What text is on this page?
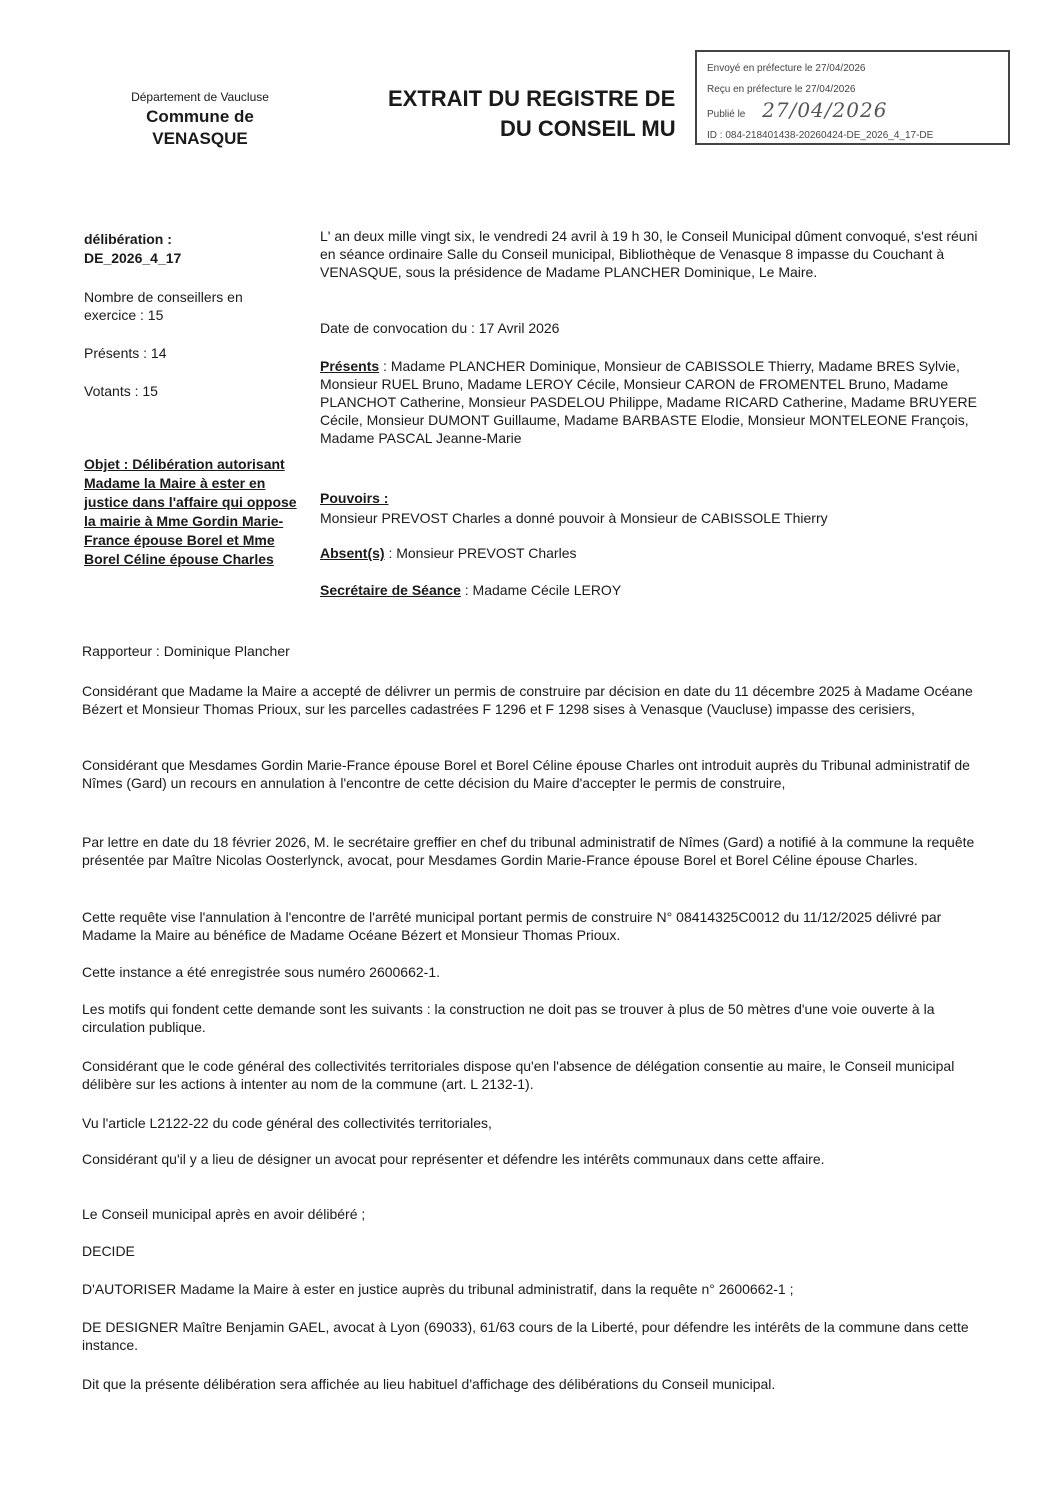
Département de Vaucluse
Commune de
VENASQUE
EXTRAIT DU REGISTRE DE
DU CONSEIL MU
Envoyé en préfecture le 27/04/2026
Reçu en préfecture le 27/04/2026
Publié le 27/04/2026
ID : 084-218401438-20260424-DE_2026_4_17-DE
délibération :
DE_2026_4_17
Nombre de conseillers en exercice : 15
Présents : 14
Votants : 15
Objet : Délibération autorisant Madame la Maire à ester en justice dans l'affaire qui oppose la mairie à Mme Gordin Marie-France épouse Borel et Mme Borel Céline épouse Charles
L' an deux mille vingt six, le vendredi 24 avril à 19 h 30, le Conseil Municipal dûment convoqué, s'est réuni en séance ordinaire Salle du Conseil municipal, Bibliothèque de Venasque 8 impasse du Couchant à VENASQUE, sous la présidence de Madame PLANCHER Dominique, Le Maire.
Date de convocation du : 17 Avril 2026
Présents : Madame PLANCHER Dominique, Monsieur de CABISSOLE Thierry, Madame BRES Sylvie, Monsieur RUEL Bruno, Madame LEROY Cécile, Monsieur CARON de FROMENTEL Bruno, Madame PLANCHOT Catherine, Monsieur PASDELOU Philippe, Madame RICARD Catherine, Madame BRUYERE Cécile, Monsieur DUMONT Guillaume, Madame BARBASTE Elodie, Monsieur MONTELEONE François, Madame PASCAL Jeanne-Marie
Pouvoirs :
Monsieur PREVOST Charles a donné pouvoir à Monsieur de CABISSOLE Thierry
Absent(s) : Monsieur PREVOST Charles
Secrétaire de Séance : Madame Cécile LEROY

Rapporteur : Dominique Plancher

Considérant que Madame la Maire a accepté de délivrer un permis de construire par décision en date du 11 décembre 2025 à Madame Océane Bézert et Monsieur Thomas Prioux, sur les parcelles cadastrées F 1296 et F 1298 sises à Venasque (Vaucluse) impasse des cerisiers,

Considérant que Mesdames Gordin Marie-France épouse Borel et Borel Céline épouse Charles ont introduit auprès du Tribunal administratif de Nîmes (Gard) un recours en annulation à l'encontre de cette décision du Maire d'accepter le permis de construire,

Par lettre en date du 18 février 2026, M. le secrétaire greffier en chef du tribunal administratif de Nîmes (Gard) a notifié à la commune la requête présentée par Maître Nicolas Oosterlynck, avocat, pour Mesdames Gordin Marie-France épouse Borel et Borel Céline épouse Charles.

Cette requête vise l'annulation à l'encontre de l'arrêté municipal portant permis de construire N° 08414325C0012 du 11/12/2025 délivré par Madame la Maire au bénéfice de Madame Océane Bézert et Monsieur Thomas Prioux.

Cette instance a été enregistrée sous numéro 2600662-1.

Les motifs qui fondent cette demande sont les suivants : la construction ne doit pas se trouver à plus de 50 mètres d'une voie ouverte à la circulation publique.

Considérant que le code général des collectivités territoriales dispose qu'en l'absence de délégation consentie au maire, le Conseil municipal délibère sur les actions à intenter au nom de la commune (art. L 2132-1).

Vu l'article L2122-22 du code général des collectivités territoriales,

Considérant qu'il y a lieu de désigner un avocat pour représenter et défendre les intérêts communaux dans cette affaire.

Le Conseil municipal après en avoir délibéré ;

DECIDE

D'AUTORISER Madame la Maire à ester en justice auprès du tribunal administratif, dans la requête n° 2600662-1 ;

DE DESIGNER Maître Benjamin GAEL, avocat à Lyon (69033), 61/63 cours de la Liberté, pour défendre les intérêts de la commune dans cette instance.

Dit que la présente délibération sera affichée au lieu habituel d'affichage des délibérations du Conseil municipal.
